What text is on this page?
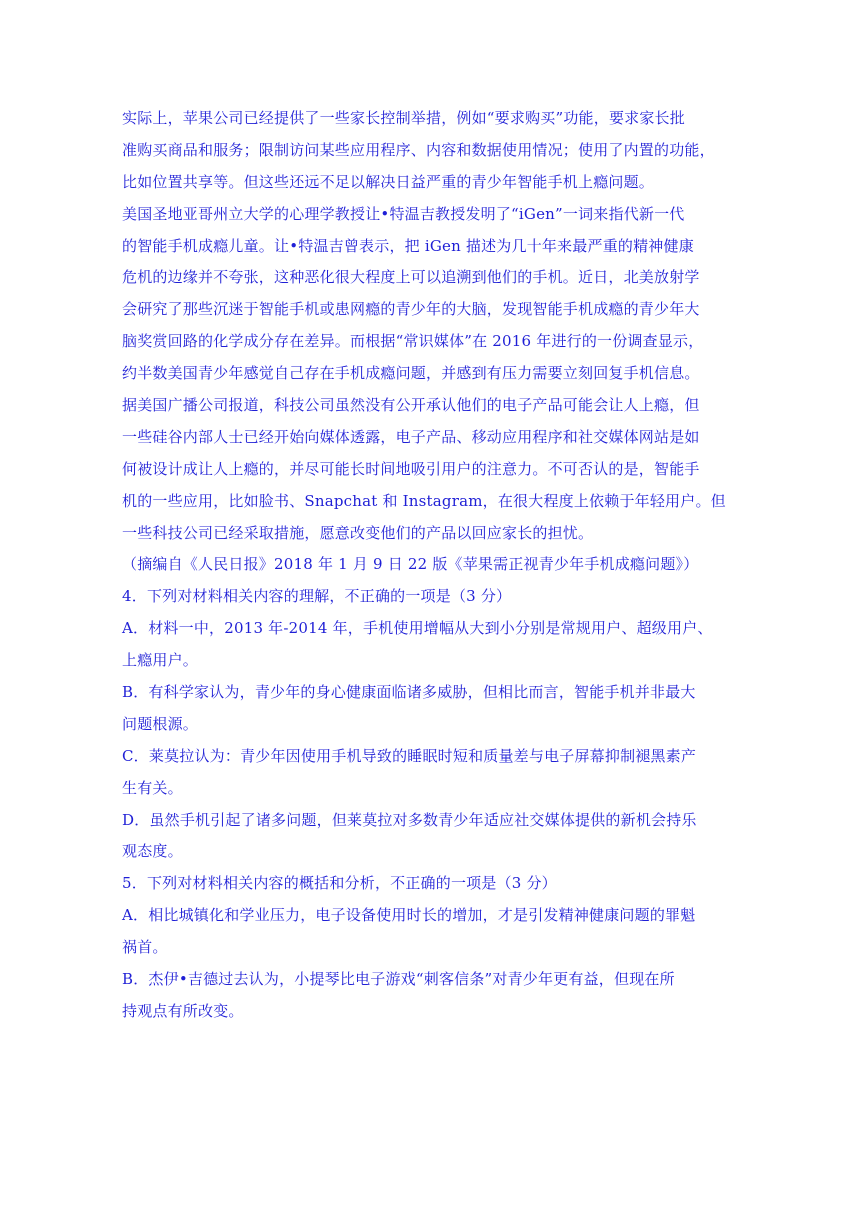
实际上，苹果公司已经提供了一些家长控制举措，例如“要求购买”功能，要求家长批
准购买商品和服务；限制访问某些应用程序、内容和数据使用情况；使用了内置的功能，
比如位置共享等。但这些还远不足以解决日益严重的青少年智能手机上瘾问题。
美国圣地亚哥州立大学的心理学教授让•特温吉教授发明了“iGen”一词来指代新一代
的智能手机成瘾儿童。让•特温吉曾表示，把 iGen 描述为几十年来最严重的精神健康
危机的边缘并不夸张，这种恶化很大程度上可以追溯到他们的手机。近日，北美放射学
会研究了那些沉迷于智能手机或患网瘾的青少年的大脑，发现智能手机成瘾的青少年大
脑奖赏回路的化学成分存在差异。而根据“常识媒体”在 2016 年进行的一份调查显示，
约半数美国青少年感觉自己存在手机成瘾问题，并感到有压力需要立刻回复手机信息。
据美国广播公司报道，科技公司虽然没有公开承认他们的电子产品可能会让人上瘾，但
一些硅谷内部人士已经开始向媒体透露，电子产品、移动应用程序和社交媒体网站是如
何被设计成让人上瘾的，并尽可能长时间地吸引用户的注意力。不可否认的是，智能手
机的一些应用，比如脸书、Snapchat 和 Instagram，在很大程度上依赖于年轻用户。但
一些科技公司已经采取措施，愿意改变他们的产品以回应家长的担忧。
（摘编自《人民日报》2018 年 1 月 9 日 22 版《苹果需正视青少年手机成瘾问题》）
4．下列对材料相关内容的理解，不正确的一项是（3 分）
A．材料一中，2013 年-2014 年，手机使用增幅从大到小分别是常规用户、超级用户、
上瘾用户。
B．有科学家认为，青少年的身心健康面临诸多威胁，但相比而言，智能手机并非最大
问题根源。
C．莱莫拉认为：青少年因使用手机导致的睡眠时短和质量差与电子屏幕抑制褪黑素产
生有关。
D．虽然手机引起了诸多问题，但莱莫拉对多数青少年适应社交媒体提供的新机会持乐
观态度。
5．下列对材料相关内容的概括和分析，不正确的一项是（3 分）
A．相比城镇化和学业压力，电子设备使用时长的增加，才是引发精神健康问题的罪魁
祸首。
B．杰伊•吉德过去认为，小提琴比电子游戏“刺客信条”对青少年更有益，但现在所
持观点有所改变。
